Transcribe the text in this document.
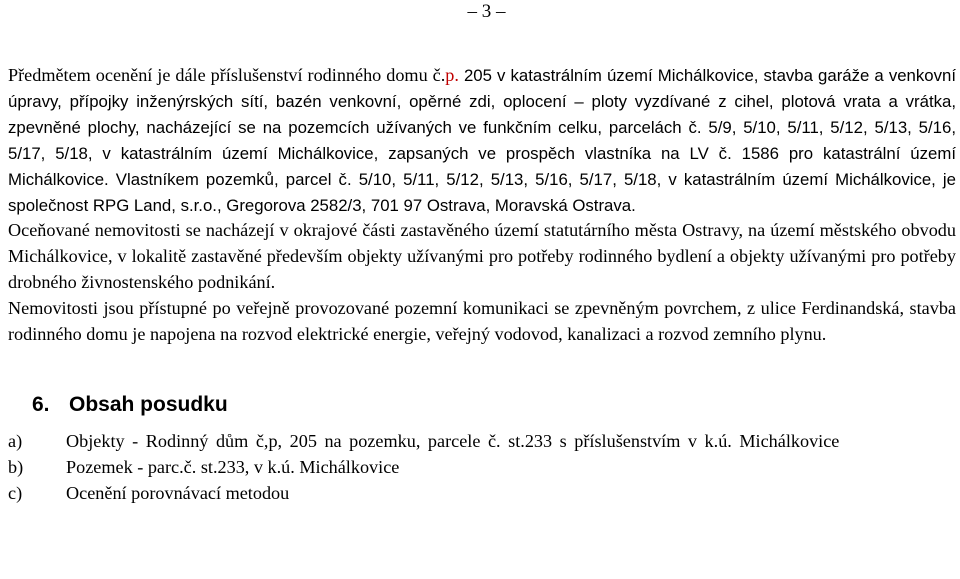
– 3 –

Předmětem ocenění je dále příslušenství rodinného domu č.p. 205 v katastrálním území Michálkovice, stavba garáže a venkovní úpravy, přípojky inženýrských sítí, bazén venkovní, opěrné zdi, oplocení – ploty vyzdívané z cihel, plotová vrata a vrátka, zpevněné plochy, nacházející se na pozemcích užívaných ve funkčním celku, parcelách č. 5/9, 5/10, 5/11, 5/12, 5/13, 5/16, 5/17, 5/18, v katastrálním území Michálkovice, zapsaných ve prospěch vlastníka na LV č. 1586 pro katastrální území Michálkovice. Vlastníkem pozemků, parcel č. 5/10, 5/11, 5/12, 5/13, 5/16, 5/17, 5/18, v katastrálním území Michálkovice, je společnost RPG Land, s.r.o., Gregorova 2582/3, 701 97 Ostrava, Moravská Ostrava.

Oceňované nemovitosti se nacházejí v okrajové části zastavěného území statutárního města Ostravy, na území městského obvodu Michálkovice, v lokalitě zastavěné především objekty užívanými pro potřeby rodinného bydlení a objekty užívanými pro potřeby drobného živnostenského podnikání.

Nemovitosti jsou přístupné po veřejně provozované pozemní komunikaci se zpevněným povrchem, z ulice Ferdinandská, stavba rodinného domu je napojena na rozvod elektrické energie, veřejný vodovod, kanalizaci a rozvod zemního plynu.

6. Obsah posudku
a)	Objekty - Rodinný dům č,p, 205 na pozemku, parcele č. st.233 s příslušenstvím v k.ú. Michálkovice
b)	Pozemek - parc.č. st.233, v k.ú. Michálkovice
c)	Ocenění porovnávací metodou
